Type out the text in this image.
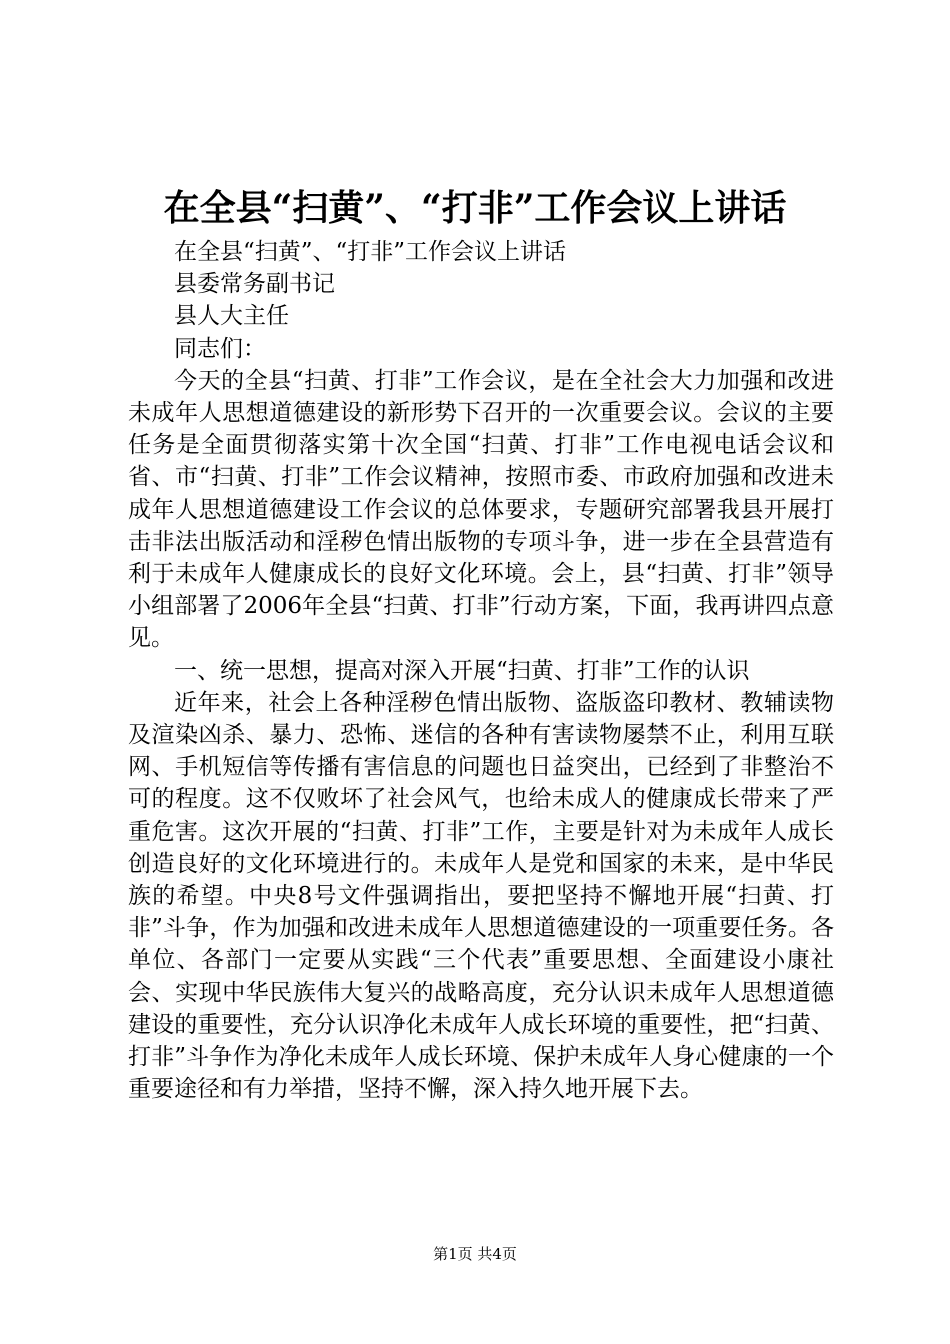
在全县“扫黄”、“打非”工作会议上讲话

在全县“扫黄”、“打非”工作会议上讲话

县委常务副书记

县人大主任

同志们：

今天的全县“扫黄、打非”工作会议，是在全社会大力加强和改进未成年人思想道德建设的新形势下召开的一次重要会议。会议的主要任务是全面贯彻落实第十次全国“扫黄、打非”工作电视电话会议和省、市“扫黄、打非”工作会议精神，按照市委、市政府加强和改进未成年人思想道德建设工作会议的总体要求，专题研究部署我县开展打击非法出版活动和淫秽色情出版物的专项斗争，进一步在全县营造有利于未成年人健康成长的良好文化环境。会上，县“扫黄、打非”领导小组部署了2006年全县“扫黄、打非”行动方案，下面，我再讲四点意见。

一、统一思想，提高对深入开展“扫黄、打非”工作的认识

近年来，社会上各种淫秽色情出版物、盗版盗印教材、教辅读物及渲染凶杀、暴力、恐怖、迷信的各种有害读物屡禁不止，利用互联网、手机短信等传播有害信息的问题也日益突出，已经到了非整治不可的程度。这不仅败坏了社会风气，也给未成人的健康成长带来了严重危害。这次开展的“扫黄、打非”工作，主要是针对为未成年人成长创造良好的文化环境进行的。未成年人是党和国家的未来，是中华民族的希望。中央8号文件强调指出，要把坚持不懈地开展“扫黄、打非”斗争，作为加强和改进未成年人思想道德建设的一项重要任务。各单位、各部门一定要从实践“三个代表”重要思想、全面建设小康社会、实现中华民族伟大复兴的战略高度，充分认识未成年人思想道德建设的重要性，充分认识净化未成年人成长环境的重要性，把“扫黄、打非”斗争作为净化未成年人成长环境、保护未成年人身心健康的一个重要途径和有力举措，坚持不懈，深入持久地开展下去。

第1页 共4页
